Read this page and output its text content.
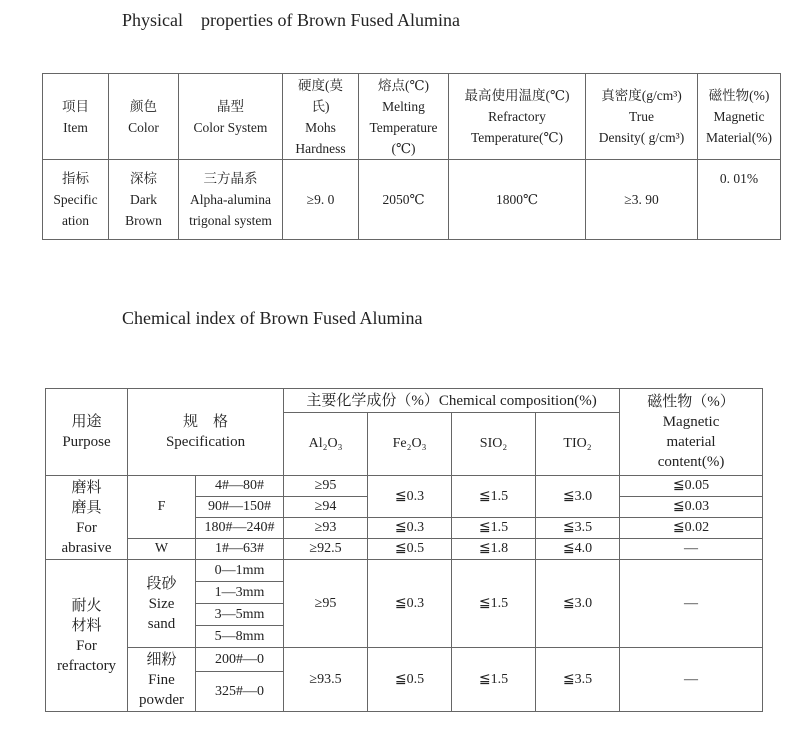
Physical    properties of Brown Fused Alumina
项目
Item	颜色
Color	晶型
Color System	硬度(莫
氏)
Mohs
Hardness	熔点(℃)
Melting
Temperature
(℃)	最高使用温度(℃)
Refractory
Temperature(℃)	真密度(g/cm³)
True
Density( g/cm³)	磁性物(%)
Magnetic
Material(%)

指标
Specific
ation	深棕
Dark
Brown	三方晶系
Alpha-alumina
trigonal system	≥9. 0	2050℃	1800℃	≥3. 90	0. 01%
Chemical index of Brown Fused Alumina
用途
Purpose	规    格
Specification		主要化学成份（%）Chemical composition(%)				磁性物（%）
Magnetic
material
content(%)

			Al₂O₃	Fe₂O₃	SIO₂	TIO₂	

磨料
磨具
For
abrasive	F	4#—80#	≥95	≦0.3	≦1.5	≦3.0	≦0.05
		90#—150#	≥94				≦0.03
		180#—240#	≥93	≦0.3	≦1.5	≦3.5	≦0.02
	W	1#—63#	≥92.5	≦0.5	≦1.8	≦4.0	—

耐火
材料
For
refractory	段砂
Size
sand	0—1mm	≥95	≦0.3	≦1.5	≦3.0	—
		1—3mm					
		3—5mm					
		5—8mm					

	细粉
Fine
powder	200#—0	≥93.5	≦0.5	≦1.5	≦3.5	—
		325#—0					
